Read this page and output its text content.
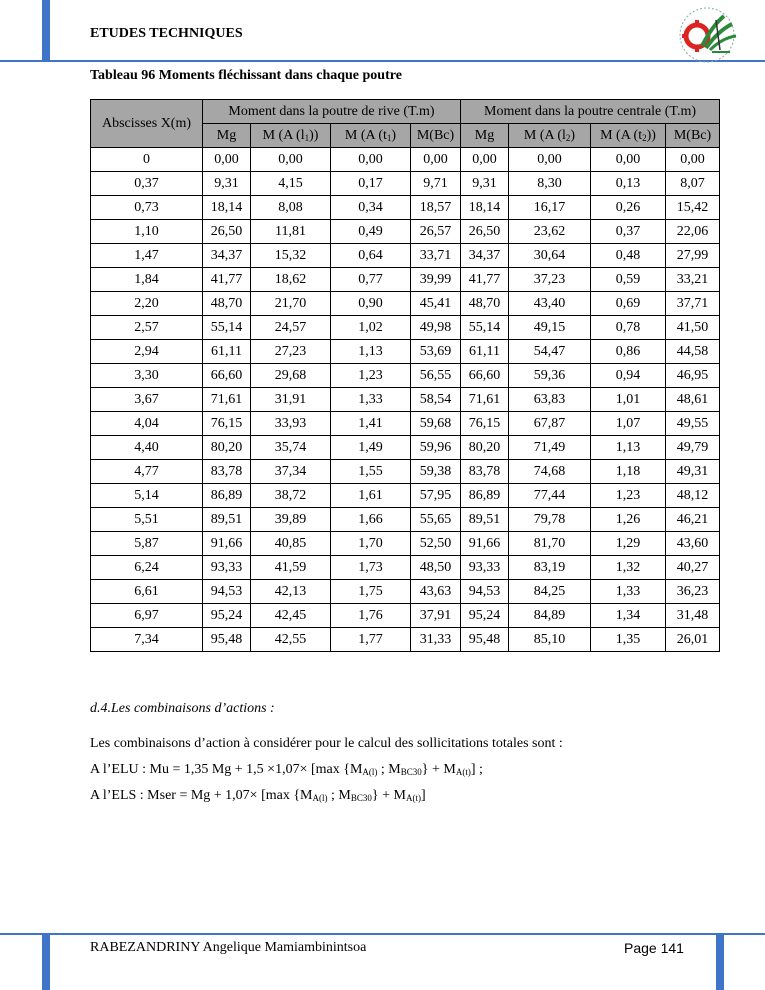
ETUDES TECHNIQUES
Tableau 96 Moments fléchissant dans chaque poutre
Abscisses X(m)	Moment dans la poutre de rive (T.m)				Moment dans la poutre centrale (T.m)			
	Mg	M (A $(l_1)$)	M (A $(t_1)$	M(Bc)	Mg	M (A $(l_2)$	M (A $(t_2)$)	M(Bc)
0	0,00	0,00	0,00	0,00	0,00	0,00	0,00	0,00
0,37	9,31	4,15	0,17	9,71	9,31	8,30	0,13	8,07
0,73	18,14	8,08	0,34	18,57	18,14	16,17	0,26	15,42
1,10	26,50	11,81	0,49	26,57	26,50	23,62	0,37	22,06
1,47	34,37	15,32	0,64	33,71	34,37	30,64	0,48	27,99
1,84	41,77	18,62	0,77	39,99	41,77	37,23	0,59	33,21
2,20	48,70	21,70	0,90	45,41	48,70	43,40	0,69	37,71
2,57	55,14	24,57	1,02	49,98	55,14	49,15	0,78	41,50
2,94	61,11	27,23	1,13	53,69	61,11	54,47	0,86	44,58
3,30	66,60	29,68	1,23	56,55	66,60	59,36	0,94	46,95
3,67	71,61	31,91	1,33	58,54	71,61	63,83	1,01	48,61
4,04	76,15	33,93	1,41	59,68	76,15	67,87	1,07	49,55
4,40	80,20	35,74	1,49	59,96	80,20	71,49	1,13	49,79
4,77	83,78	37,34	1,55	59,38	83,78	74,68	1,18	49,31
5,14	86,89	38,72	1,61	57,95	86,89	77,44	1,23	48,12
5,51	89,51	39,89	1,66	55,65	89,51	79,78	1,26	46,21
5,87	91,66	40,85	1,70	52,50	91,66	81,70	1,29	43,60
6,24	93,33	41,59	1,73	48,50	93,33	83,19	1,32	40,27
6,61	94,53	42,13	1,75	43,63	94,53	84,25	1,33	36,23
6,97	95,24	42,45	1,76	37,91	95,24	84,89	1,34	31,48
7,34	95,48	42,55	1,77	31,33	95,48	85,10	1,35	26,01
d.4.Les combinaisons d’actions :
Les combinaisons d’action à considérer pour le calcul des sollicitations totales sont :
A l’ELU : Mu = 1,35 Mg + 1,5 ×1,07× [max {$M_{A(l)}$ ; $M_{BC30}\} + M_{A(t)}$] ;
A l’ELS : Mser = Mg + 1,07× [max {$M_{A(l)}$ ; $M_{BC30}\} + M_{A(t)}$]
RABEZANDRINY Angelique Mamiambinintsoa	Page 141
